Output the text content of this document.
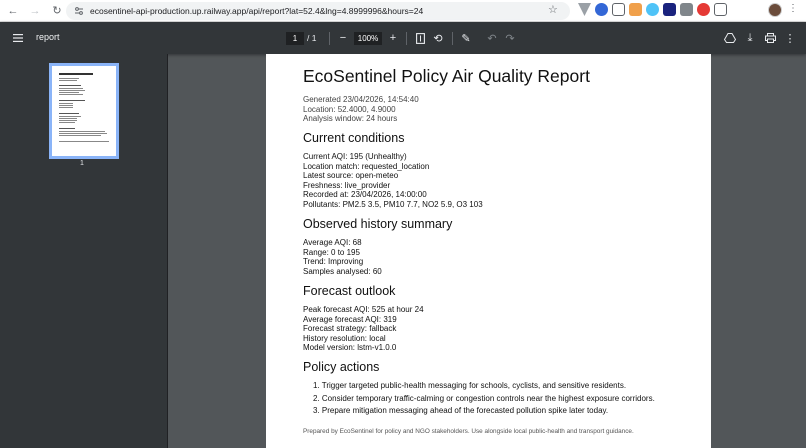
←	→	↻	ecosentinel-api-production.up.railway.app/api/report?lat=52.4&lng=4.8999996&hours=24	☆	⋮
report	1	/ 1	−	100%	+	⟲	✎	↶ ↷	⤓	⋮
1
EcoSentinel Policy Air Quality Report
Generated 23/04/2026, 14:54:40
Location: 52.4000, 4.9000
Analysis window: 24 hours
Current conditions
Current AQI: 195 (Unhealthy)
Location match: requested_location
Latest source: open-meteo
Freshness: live_provider
Recorded at: 23/04/2026, 14:00:00
Pollutants: PM2.5 3.5, PM10 7.7, NO2 5.9, O3 103
Observed history summary
Average AQI: 68
Range: 0 to 195
Trend: Improving
Samples analysed: 60
Forecast outlook
Peak forecast AQI: 525 at hour 24
Average forecast AQI: 319
Forecast strategy: fallback
History resolution: local
Model version: lstm-v1.0.0
Policy actions
1. Trigger targeted public-health messaging for schools, cyclists, and sensitive residents.
2. Consider temporary traffic-calming or congestion controls near the highest exposure corridors.
3. Prepare mitigation messaging ahead of the forecasted pollution spike later today.
Prepared by EcoSentinel for policy and NGO stakeholders. Use alongside local public-health and transport guidance.
